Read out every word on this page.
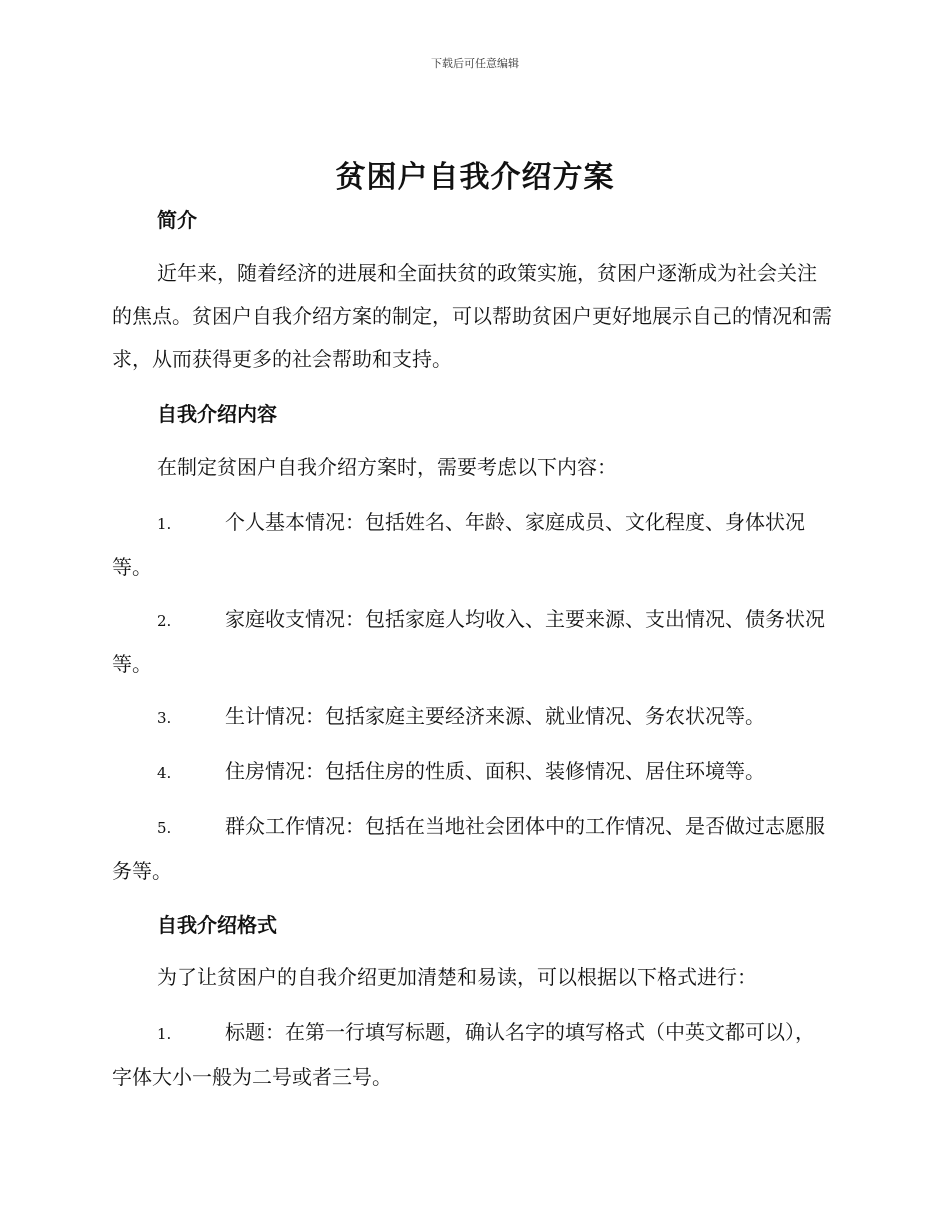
下载后可任意编辑
贫困户自我介绍方案
简介

近年来，随着经济的进展和全面扶贫的政策实施，贫困户逐渐成为社会关注的焦点。贫困户自我介绍方案的制定，可以帮助贫困户更好地展示自己的情况和需求，从而获得更多的社会帮助和支持。

自我介绍内容

在制定贫困户自我介绍方案时，需要考虑以下内容：

1.	个人基本情况：包括姓名、年龄、家庭成员、文化程度、身体状况等。

2.	家庭收支情况：包括家庭人均收入、主要来源、支出情况、债务状况等。

3.	生计情况：包括家庭主要经济来源、就业情况、务农状况等。

4.	住房情况：包括住房的性质、面积、装修情况、居住环境等。

5.	群众工作情况：包括在当地社会团体中的工作情况、是否做过志愿服务等。

自我介绍格式

为了让贫困户的自我介绍更加清楚和易读，可以根据以下格式进行：

1.	标题：在第一行填写标题，确认名字的填写格式（中英文都可以），字体大小一般为二号或者三号。
